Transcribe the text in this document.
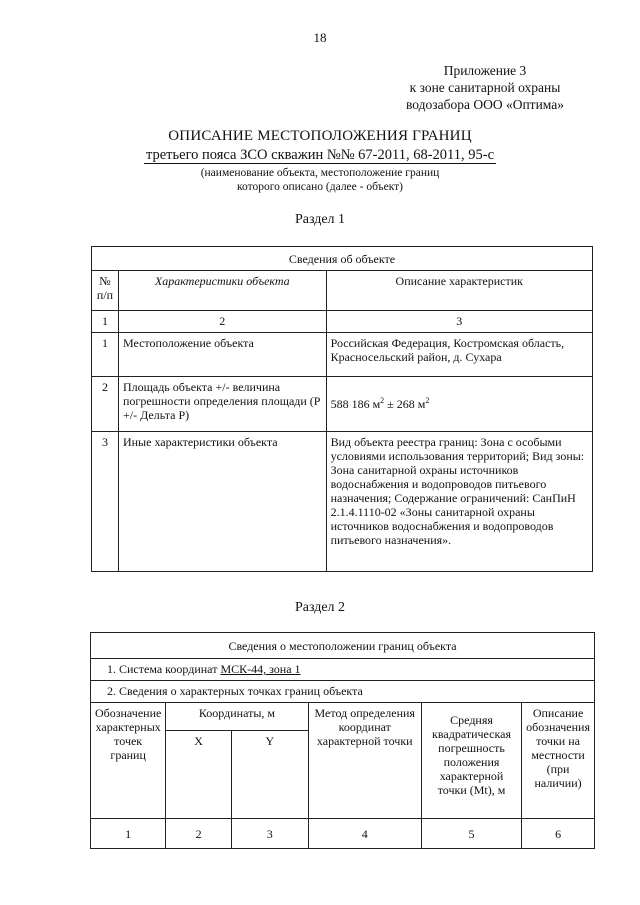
18
Приложение 3
к зоне санитарной охраны
водозабора ООО «Оптима»
ОПИСАНИЕ МЕСТОПОЛОЖЕНИЯ ГРАНИЦ
третьего пояса ЗСО скважин №№ 67-2011, 68-2011, 95-с
(наименование объекта, местоположение границ
которого описано (далее - объект)
Раздел 1
Сведения об объекте		
№ п/п	Характеристики объекта	Описание характеристик
1	2	3
1	Местоположение объекта	Российская Федерация, Костромская область, Красносельский район, д. Сухара
2	Площадь объекта +/- величина погрешности определения площади (Р +/- Дельта Р)	588 186 $м^2 \pm 268$ $м^2$
3	Иные характеристики объекта	Вид объекта реестра границ: Зона с особыми условиями использования территорий; Вид зоны: Зона санитарной охраны источников водоснабжения и водопроводов питьевого назначения; Содержание ограничений: СанПиН 2.1.4.1110-02 «Зоны санитарной охраны источников водоснабжения и водопроводов питьевого назначения».
Раздел 2
Сведения о местоположении границ объекта					
1. Система координат МСК-44, зона 1					
2. Сведения о характерных точках границ объекта					
Обозначение характерных точек границ	Координаты, м		Метод определения координат характерной точки	Средняя квадратическая погрешность положения характерной точки (Mt), м	Описание обозначения точки на местности (при наличии)
	X	Y			
1	2	3	4	5	6
